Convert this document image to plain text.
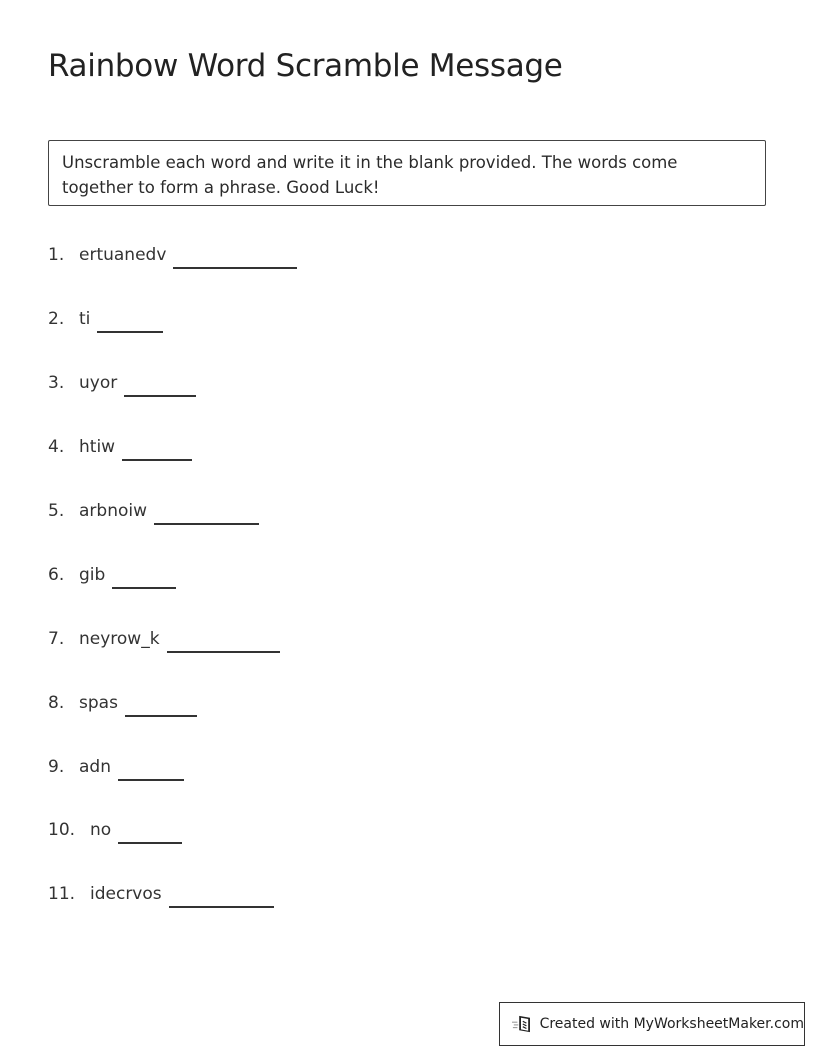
Rainbow Word Scramble Message
Unscramble each word and write it in the blank provided. The words come together to form a phrase. Good Luck!
1. ertuanedv
2. ti
3. uyor
4. htiw
5. arbnoiw
6. gib
7. neyrow_k
8. spas
9. adn
10. no
11. idecrvos
Created with MyWorksheetMaker.com
